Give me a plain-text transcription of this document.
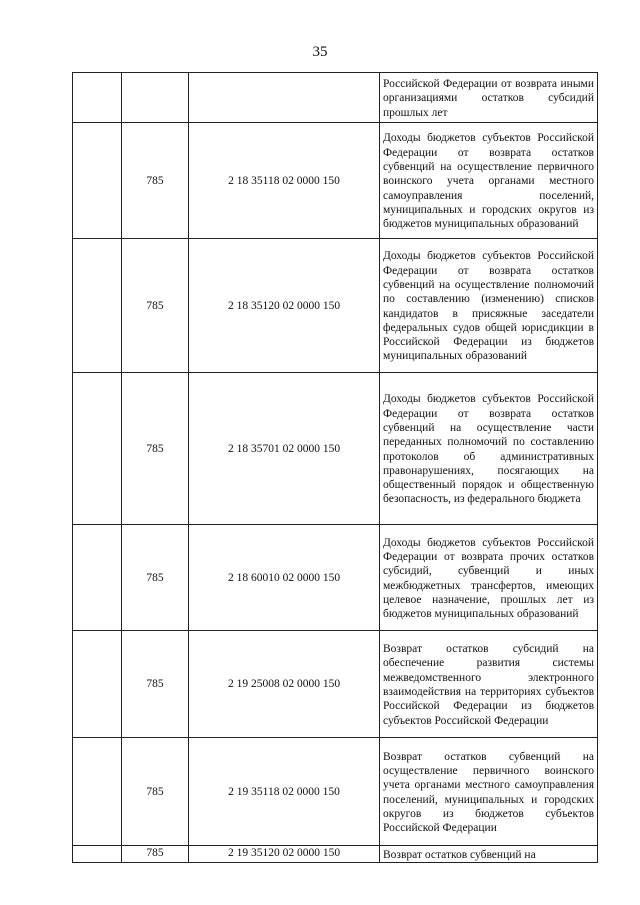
35

			Российской Федерации от возврата иными организациями остатков субсидий прошлых лет

	785	2 18 35118 02 0000 150	Доходы бюджетов субъектов Российской Федерации от возврата остатков субвенций на осуществление первичного воинского учета органами местного самоуправления поселений, муниципальных и городских округов из бюджетов муниципальных образований

	785	2 18 35120 02 0000 150	Доходы бюджетов субъектов Российской Федерации от возврата остатков субвенций на осуществление полномочий по составлению (изменению) списков кандидатов в присяжные заседатели федеральных судов общей юрисдикции в Российской Федерации из бюджетов муниципальных образований

	785	2 18 35701 02 0000 150	Доходы бюджетов субъектов Российской Федерации от возврата остатков субвенций на осуществление части переданных полномочий по составлению протоколов об административных правонарушениях, посягающих на общественный порядок и общественную безопасность, из федерального бюджета

	785	2 18 60010 02 0000 150	Доходы бюджетов субъектов Российской Федерации от возврата прочих остатков субсидий, субвенций и иных межбюджетных трансфертов, имеющих целевое назначение, прошлых лет из бюджетов муниципальных образований

	785	2 19 25008 02 0000 150	Возврат остатков субсидий на обеспечение развития системы межведомственного электронного взаимодействия на территориях субъектов Российской Федерации из бюджетов субъектов Российской Федерации

	785	2 19 35118 02 0000 150	Возврат остатков субвенций на осуществление первичного воинского учета органами местного самоуправления поселений, муниципальных и городских округов из бюджетов субъектов Российской Федерации

	785	2 19 35120 02 0000 150	Возврат остатков субвенций на
